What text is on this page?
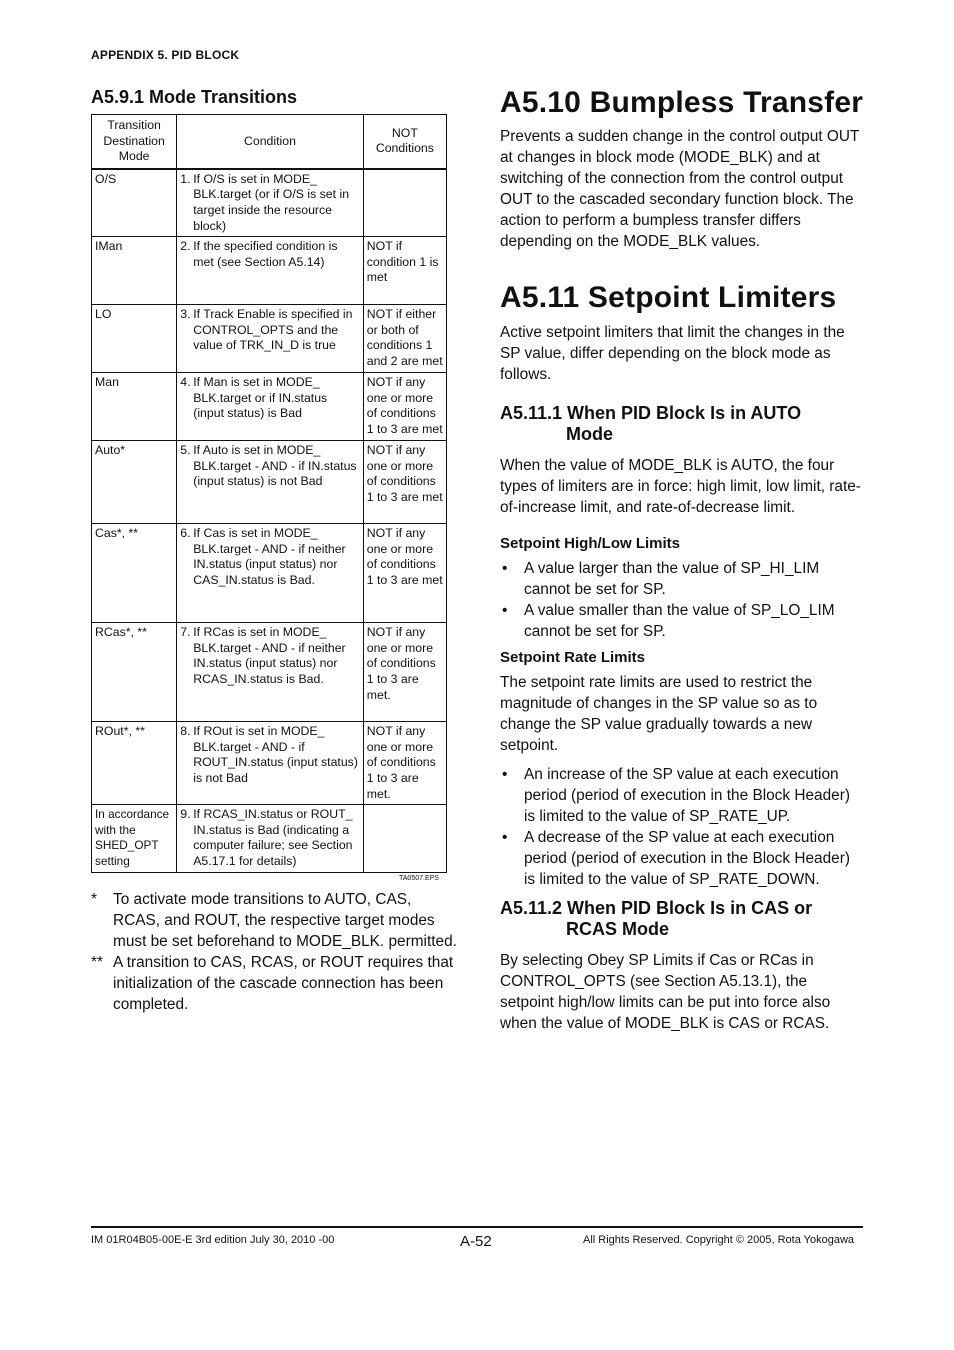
APPENDIX 5. PID BLOCK
A5.9.1 Mode Transitions
Transition Destination Mode	Condition	NOT Conditions
O/S	1. If O/S is set in MODE_ BLK.target (or if O/S is set in target inside the resource block)	

IMan	2. If the specified condition is met (see Section A5.14)	NOT if condition 1 is met
LO	3. If Track Enable is specified in CONTROL_OPTS and the value of TRK_IN_D is true	NOT if either or both of conditions 1 and 2 are met
Man	4. If Man is set in MODE_ BLK.target or if IN.status (input status) is Bad	NOT if any one or more of conditions 1 to 3 are met
Auto*	5. If Auto is set in MODE_ BLK.target - AND - if IN.status (input status) is not Bad	NOT if any one or more of conditions 1 to 3 are met
Cas*, **	6. If Cas is set in MODE_ BLK.target - AND - if neither IN.status (input status) nor CAS_IN.status is Bad.	NOT if any one or more of conditions 1 to 3 are met
RCas*, **	7. If RCas is set in MODE_ BLK.target - AND - if neither IN.status (input status) nor RCAS_IN.status is Bad.	NOT if any one or more of conditions 1 to 3 are met.
ROut*, **	8. If ROut is set in MODE_ BLK.target - AND - if ROUT_IN.status (input status) is not Bad	NOT if any one or more of conditions 1 to 3 are met.
In accordance with the SHED_OPT setting	9. If RCAS_IN.status or ROUT_ IN.status is Bad (indicating a computer failure; see Section A5.17.1 for details)	

TA0507.EPS
*	To activate mode transitions to AUTO, CAS, RCAS, and ROUT, the respective target modes must be set beforehand to MODE_BLK. permitted.
** A transition to CAS, RCAS, or ROUT requires that initialization of the cascade connection has been completed.
A5.10 Bumpless Transfer
Prevents a sudden change in the control output OUT at changes in block mode (MODE_BLK) and at switching of the connection from the control output OUT to the cascaded secondary function block. The action to perform a bumpless transfer differs depending on the MODE_BLK values.
A5.11 Setpoint Limiters
Active setpoint limiters that limit the changes in the SP value, differ depending on the block mode as follows.
A5.11.1 When PID Block Is in AUTO
Mode
When the value of MODE_BLK is AUTO, the four types of limiters are in force: high limit, low limit, rate-of-increase limit, and rate-of-decrease limit.
Setpoint High/Low Limits
•	A value larger than the value of SP_HI_LIM cannot be set for SP.
•	A value smaller than the value of SP_LO_LIM cannot be set for SP.
Setpoint Rate Limits
The setpoint rate limits are used to restrict the magnitude of changes in the SP value so as to change the SP value gradually towards a new setpoint.
•	An increase of the SP value at each execution period (period of execution in the Block Header) is limited to the value of SP_RATE_UP.
•	A decrease of the SP value at each execution period (period of execution in the Block Header) is limited to the value of SP_RATE_DOWN.
A5.11.2 When PID Block Is in CAS or
RCAS Mode
By selecting Obey SP Limits if Cas or RCas in CONTROL_OPTS (see Section A5.13.1), the setpoint high/low limits can be put into force also when the value of MODE_BLK is CAS or RCAS.
IM 01R04B05-00E-E 3rd edition July 30, 2010 -00	A-52	All Rights Reserved. Copyright © 2005, Rota Yokogawa
